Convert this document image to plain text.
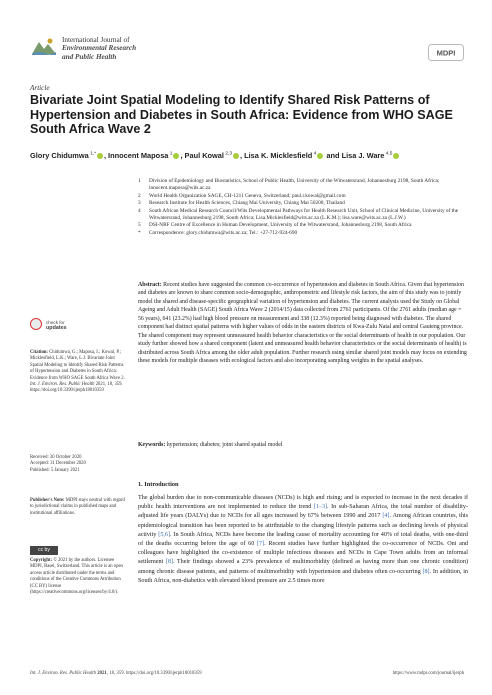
International Journal of
Environmental Research
and Public Health	MDPI
Article
Bivariate Joint Spatial Modeling to Identify Shared Risk Patterns of Hypertension and Diabetes in South Africa: Evidence from WHO SAGE South Africa Wave 2
Glory Chidumwa $^{1,*}$ , Innocent Maposa $^1$ , Paul Kowal $^{2,3}$ , Lisa K. Micklesfield $^4$ and Lisa J. Ware $^{4,5}$
1	Division of Epidemiology and Biostatistics, School of Public Health, University of the Witwatersrand, Johannesburg 2198, South Africa; innocent.maposa@wits.ac.za
2	World Health Organization SAGE, CH-1211 Geneva, Switzerland; paul.r.kowal@gmail.com
3	Research Institute for Health Sciences, Chiang Mai University, Chiang Mai 50200, Thailand
4	South African Medical Research Council/Wits Developmental Pathways for Health Research Unit, School of Clinical Medicine, University of the Witwatersrand, Johannesburg 2198, South Africa; Lisa.Micklesfield@wits.ac.za (L.K.M.); lisa.ware@wits.ac.za (L.J.W.)
5	DSI-NRF Centre of Excellence in Human Development, University of the Witwatersrand, Johannesburg 2198, South Africa
*	Correspondence: glory.chidumwa@wits.ac.za; Tel.: +27-712-924-690
Abstract: Recent studies have suggested the common co-occurrence of hypertension and diabetes in South Africa. Given that hypertension and diabetes are known to share common socio-demographic, anthropometric and lifestyle risk factors, the aim of this study was to jointly model the shared and disease-specific geographical variation of hypertension and diabetes. The current analysis used the Study on Global Ageing and Adult Health (SAGE) South Africa Wave 2 (2014/15) data collected from 2761 participants. Of the 2761 adults (median age = 56 years), 641 (23.2%) had high blood pressure on measurement and 338 (12.3%) reported being diagnosed with diabetes. The shared component had distinct spatial patterns with higher values of odds in the eastern districts of Kwa-Zulu Natal and central Gauteng province. The shared component may represent unmeasured health behavior characteristics or the social determinants of health in our population. Our study further showed how a shared component (latent and unmeasured health behavior characteristics or the social determinants of health) is distributed across South Africa among the older adult population. Further research using similar shared joint models may focus on extending these models for multiple diseases with ecological factors and also incorporating sampling weights in the spatial analyses.
Keywords: hypertension; diabetes; joint shared spatial model
check for
updates
Citation: Chidumwa, G.; Maposa, I.; Kowal, P.; Micklesfield, L.K.; Ware, L.J. Bivariate Joint Spatial Modeling to Identify Shared Risk Patterns of Hypertension and Diabetes in South Africa: Evidence from WHO SAGE South Africa Wave 2. Int. J. Environ. Res. Public Health 2021, 18, 359. https://doi.org/10.3390/ijerph18010359
Received: 30 October 2020
Accepted: 31 December 2020
Published: 5 January 2021
Publisher's Note: MDPI stays neutral with regard to jurisdictional claims in published maps and institutional affiliations.
cc by
Copyright: © 2021 by the authors. Licensee MDPI, Basel, Switzerland. This article is an open access article distributed under the terms and conditions of the Creative Commons Attribution (CC BY) license (https://creativecommons.org/licenses/by/4.0/).
1. Introduction
The global burden due to non-communicable diseases (NCDs) is high and rising; and is expected to increase in the next decades if public health interventions are not implemented to reduce the trend [1–3]. In sub-Saharan Africa, the total number of disability-adjusted life years (DALYs) due to NCDs for all ages increased by 67% between 1990 and 2017 [4]. Among African countries, this epidemiological transition has been reported to be attributable to the changing lifestyle patterns such as declining levels of physical activity [5,6]. In South Africa, NCDs have become the leading cause of mortality accounting for 40% of total deaths, with one-third of the deaths occurring before the age of 60 [7]. Recent studies have further highlighted the co-occurrence of NCDs. Oni and colleagues have highlighted the co-existence of multiple infectious diseases and NCDs in Cape Town adults from an informal settlement [8]. Their findings showed a 23% prevalence of multimorbidity (defined as having more than one chronic condition) among chronic disease patients, and patterns of multimorbidity with hypertension and diabetes often co-occurring [8]. In addition, in South Africa, non-diabetics with elevated blood pressure are 2.5 times more
Int. J. Environ. Res. Public Health 2021, 18, 359. https://doi.org/10.3390/ijerph18010359	https://www.mdpi.com/journal/ijerph
